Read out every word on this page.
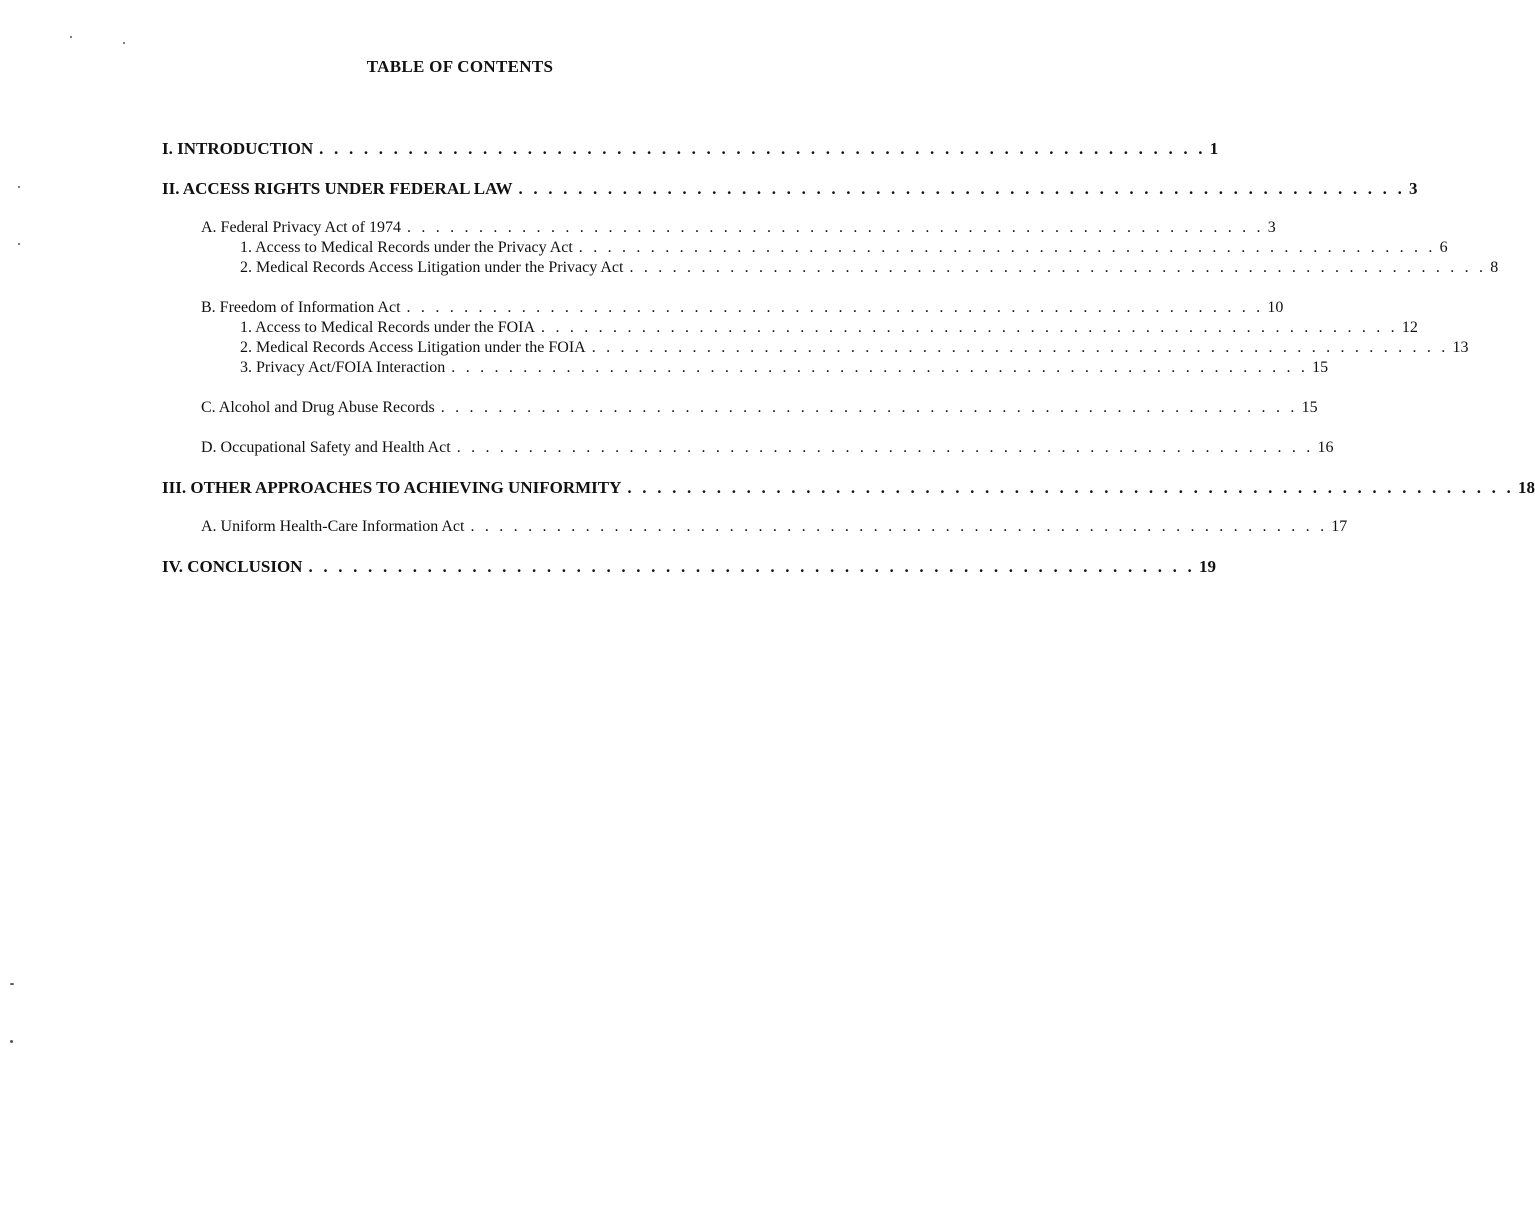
TABLE OF CONTENTS
I. INTRODUCTION . . . . . . . . . . . . . . . . . . . . . . . . . . . . . . . . . . . . . . . . . . . . . . . . . . . . . . . . . . . . 1
II. ACCESS RIGHTS UNDER FEDERAL LAW . . . . . . . . . . . . . . . . . . . . . . . . . . . . . . . . . . . . . . . . . . . . . . . . . . . . . . . . . . . . 3
A. Federal Privacy Act of 1974 . . . . . . . . . . . . . . . . . . . . . . . . . . . . . . . . . . . . . . . . . . . . . . . . . . . . . . . . . . . . 3
1. Access to Medical Records under the Privacy Act . . . . . . . . . . . . . . . . . . . . . . . . . . . . . . . . . . . . . . . . . . . . . . . . . . . . . . . . . . . . 6
2. Medical Records Access Litigation under the Privacy Act . . . . . . . . . . . . . . . . . . . . . . . . . . . . . . . . . . . . . . . . . . . . . . . . . . . . . . . . . . . . 8
B. Freedom of Information Act . . . . . . . . . . . . . . . . . . . . . . . . . . . . . . . . . . . . . . . . . . . . . . . . . . . . . . . . . . . . 10
1. Access to Medical Records under the FOIA . . . . . . . . . . . . . . . . . . . . . . . . . . . . . . . . . . . . . . . . . . . . . . . . . . . . . . . . . . . . 12
2. Medical Records Access Litigation under the FOIA . . . . . . . . . . . . . . . . . . . . . . . . . . . . . . . . . . . . . . . . . . . . . . . . . . . . . . . . . . . . 13
3. Privacy Act/FOIA Interaction . . . . . . . . . . . . . . . . . . . . . . . . . . . . . . . . . . . . . . . . . . . . . . . . . . . . . . . . . . . . 15
C. Alcohol and Drug Abuse Records . . . . . . . . . . . . . . . . . . . . . . . . . . . . . . . . . . . . . . . . . . . . . . . . . . . . . . . . . . . . 15
D. Occupational Safety and Health Act . . . . . . . . . . . . . . . . . . . . . . . . . . . . . . . . . . . . . . . . . . . . . . . . . . . . . . . . . . . . 16
III. OTHER APPROACHES TO ACHIEVING UNIFORMITY . . . . . . . . . . . . . . . . . . . . . . . . . . . . . . . . . . . . . . . . . . . . . . . . . . . . . . . . . . . . 18
A. Uniform Health-Care Information Act . . . . . . . . . . . . . . . . . . . . . . . . . . . . . . . . . . . . . . . . . . . . . . . . . . . . . . . . . . . . 17
IV. CONCLUSION . . . . . . . . . . . . . . . . . . . . . . . . . . . . . . . . . . . . . . . . . . . . . . . . . . . . . . . . . . . . 19
